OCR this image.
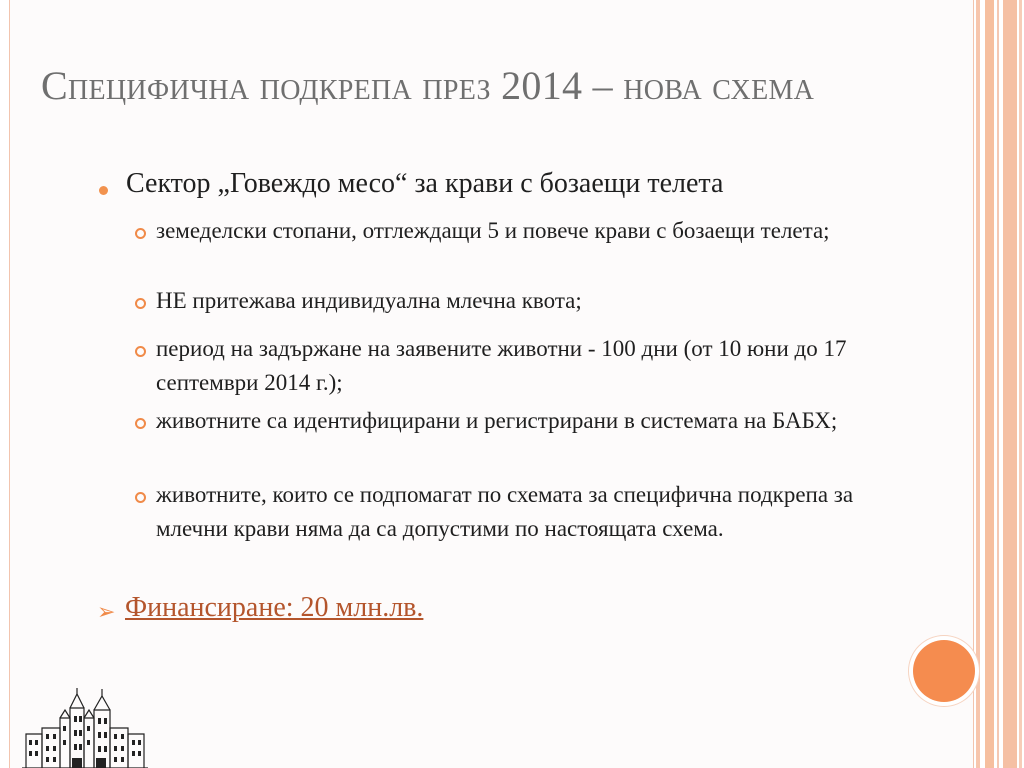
Специфична подкрепа през 2014 – нова схема

Сектор „Говеждо месо“ за крави с бозаещи телета

земеделски стопани, отглеждащи 5 и повече крави с бозаещи телета;

НЕ притежава индивидуална млечна квота;

период на задържане на заявените животни - 100 дни (от 10 юни до 17 септември 2014 г.);

животните са идентифицирани и регистрирани в системата на БАБХ;

животните, които се подпомагат по схемата за специфична подкрепа за млечни крави няма да са допустими по настоящата схема.

➢ Финансиране: 20 млн.лв.
